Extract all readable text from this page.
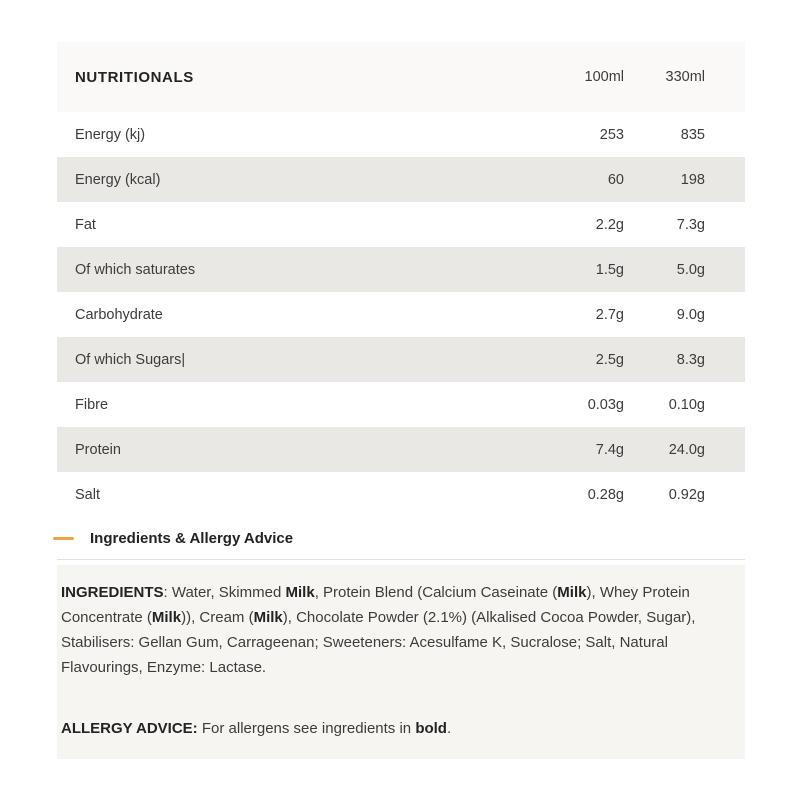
NUTRITIONALS	100ml	330ml
Energy (kj)	253	835
Energy (kcal)	60	198
Fat	2.2g	7.3g
Of which saturates	1.5g	5.0g
Carbohydrate	2.7g	9.0g
Of which Sugars|	2.5g	8.3g
Fibre	0.03g	0.10g
Protein	7.4g	24.0g
Salt	0.28g	0.92g
Ingredients & Allergy Advice

INGREDIENTS: Water, Skimmed Milk, Protein Blend (Calcium Caseinate (Milk), Whey Protein Concentrate (Milk)), Cream (Milk), Chocolate Powder (2.1%) (Alkalised Cocoa Powder, Sugar), Stabilisers: Gellan Gum, Carrageenan; Sweeteners: Acesulfame K, Sucralose; Salt, Natural Flavourings, Enzyme: Lactase.

ALLERGY ADVICE: For allergens see ingredients in bold.
